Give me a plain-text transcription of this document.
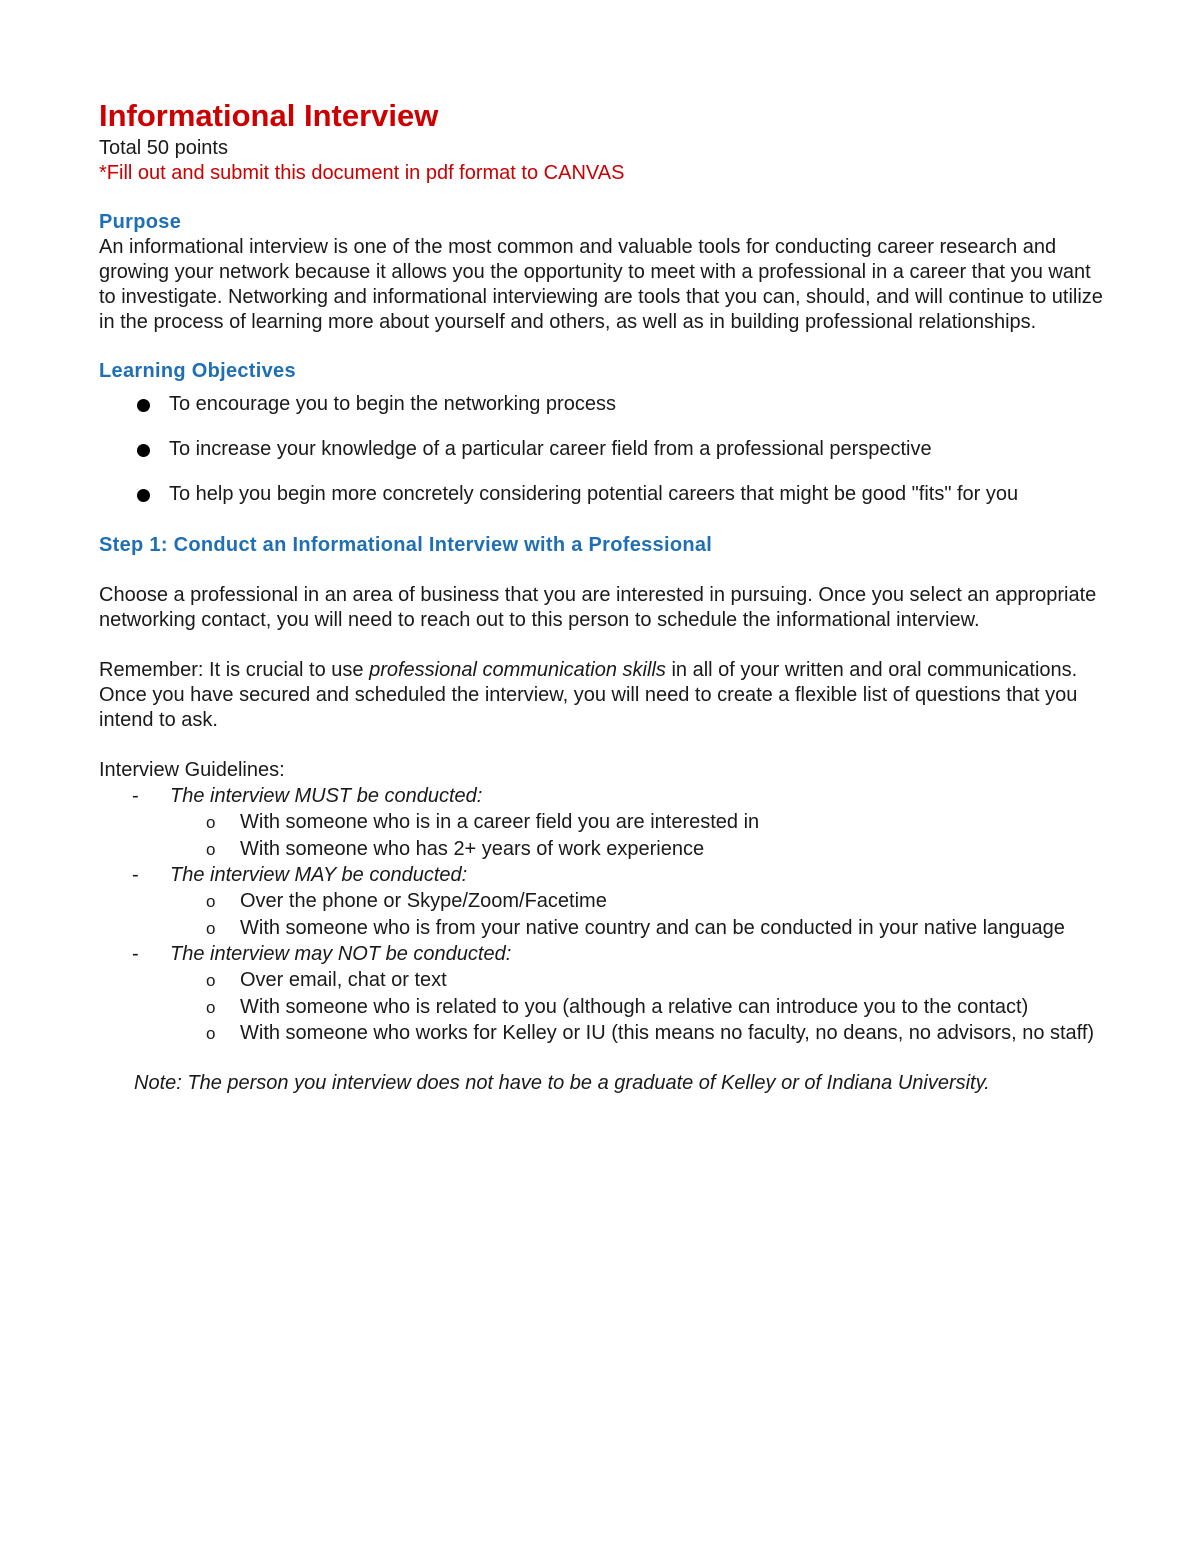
Informational Interview

Total 50 points

*Fill out and submit this document in pdf format to CANVAS

Purpose

An informational interview is one of the most common and valuable tools for conducting career research and growing your network because it allows you the opportunity to meet with a professional in a career that you want to investigate. Networking and informational interviewing are tools that you can, should, and will continue to utilize in the process of learning more about yourself and others, as well as in building professional relationships.

Learning Objectives
To encourage you to begin the networking process
To increase your knowledge of a particular career field from a professional perspective
To help you begin more concretely considering potential careers that might be good "fits" for you
Step 1: Conduct an Informational Interview with a Professional

Choose a professional in an area of business that you are interested in pursuing. Once you select an appropriate networking contact, you will need to reach out to this person to schedule the informational interview.

Remember: It is crucial to use professional communication skills in all of your written and oral communications. Once you have secured and scheduled the interview, you will need to create a flexible list of questions that you intend to ask.

Interview Guidelines:

- The interview MUST be conducted:
o With someone who is in a career field you are interested in
o With someone who has 2+ years of work experience
- The interview MAY be conducted:
o Over the phone or Skype/Zoom/Facetime
o With someone who is from your native country and can be conducted in your native language
- The interview may NOT be conducted:
o Over email, chat or text
o With someone who is related to you (although a relative can introduce you to the contact)
o With someone who works for Kelley or IU (this means no faculty, no deans, no advisors, no staff)

Note: The person you interview does not have to be a graduate of Kelley or of Indiana University.
